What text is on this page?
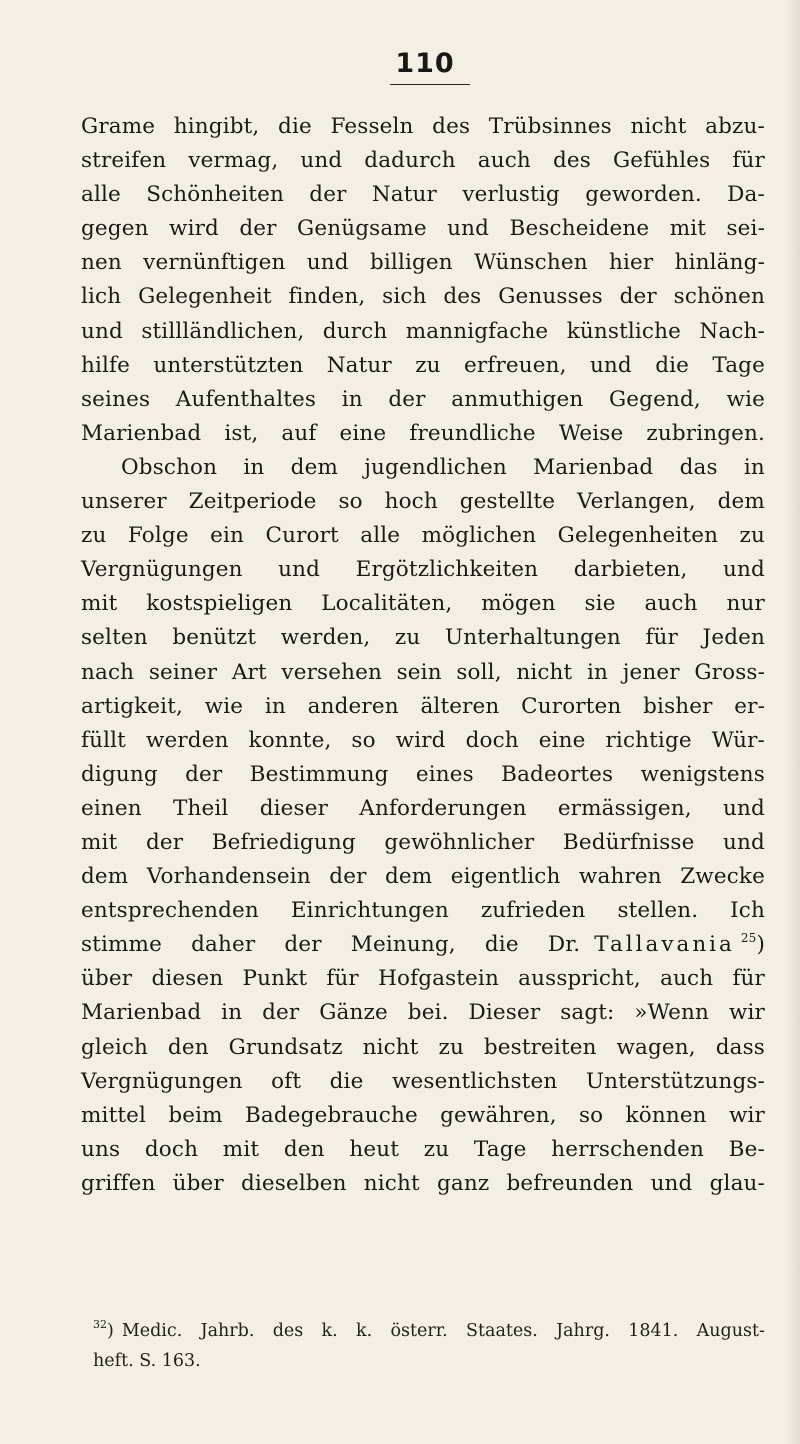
110
Grame hingibt, die Fesseln des Trübsinnes nicht abzu-
streifen vermag, und dadurch auch des Gefühles für
alle Schönheiten der Natur verlustig geworden. Da-
gegen wird der Genügsame und Bescheidene mit sei-
nen vernünftigen und billigen Wünschen hier hinläng-
lich Gelegenheit finden, sich des Genusses der schönen
und stillländlichen, durch mannigfache künstliche Nach-
hilfe unterstützten Natur zu erfreuen, und die Tage
seines Aufenthaltes in der anmuthigen Gegend, wie
Marienbad ist, auf eine freundliche Weise zubringen.
Obschon in dem jugendlichen Marienbad das in
unserer Zeitperiode so hoch gestellte Verlangen, dem
zu Folge ein Curort alle möglichen Gelegenheiten zu
Vergnügungen und Ergötzlichkeiten darbieten, und
mit kostspieligen Localitäten, mögen sie auch nur
selten benützt werden, zu Unterhaltungen für Jeden
nach seiner Art versehen sein soll, nicht in jener Gross-
artigkeit, wie in anderen älteren Curorten bisher er-
füllt werden konnte, so wird doch eine richtige Wür-
digung der Bestimmung eines Badeortes wenigstens
einen Theil dieser Anforderungen ermässigen, und
mit der Befriedigung gewöhnlicher Bedürfnisse und
dem Vorhandensein der dem eigentlich wahren Zwecke
entsprechenden Einrichtungen zufrieden stellen. Ich
stimme daher der Meinung, die Dr. Tallavania $^{25}$)
über diesen Punkt für Hofgastein ausspricht, auch für
Marienbad in der Gänze bei. Dieser sagt: »Wenn wir
gleich den Grundsatz nicht zu bestreiten wagen, dass
Vergnügungen oft die wesentlichsten Unterstützungs-
mittel beim Badegebrauche gewähren, so können wir
uns doch mit den heut zu Tage herrschenden Be-
griffen über dieselben nicht ganz befreunden und glau-
$^{32}$) Medic. Jahrb. des k. k. österr. Staates. Jahrg. 1841. August-
heft. S. 163.
